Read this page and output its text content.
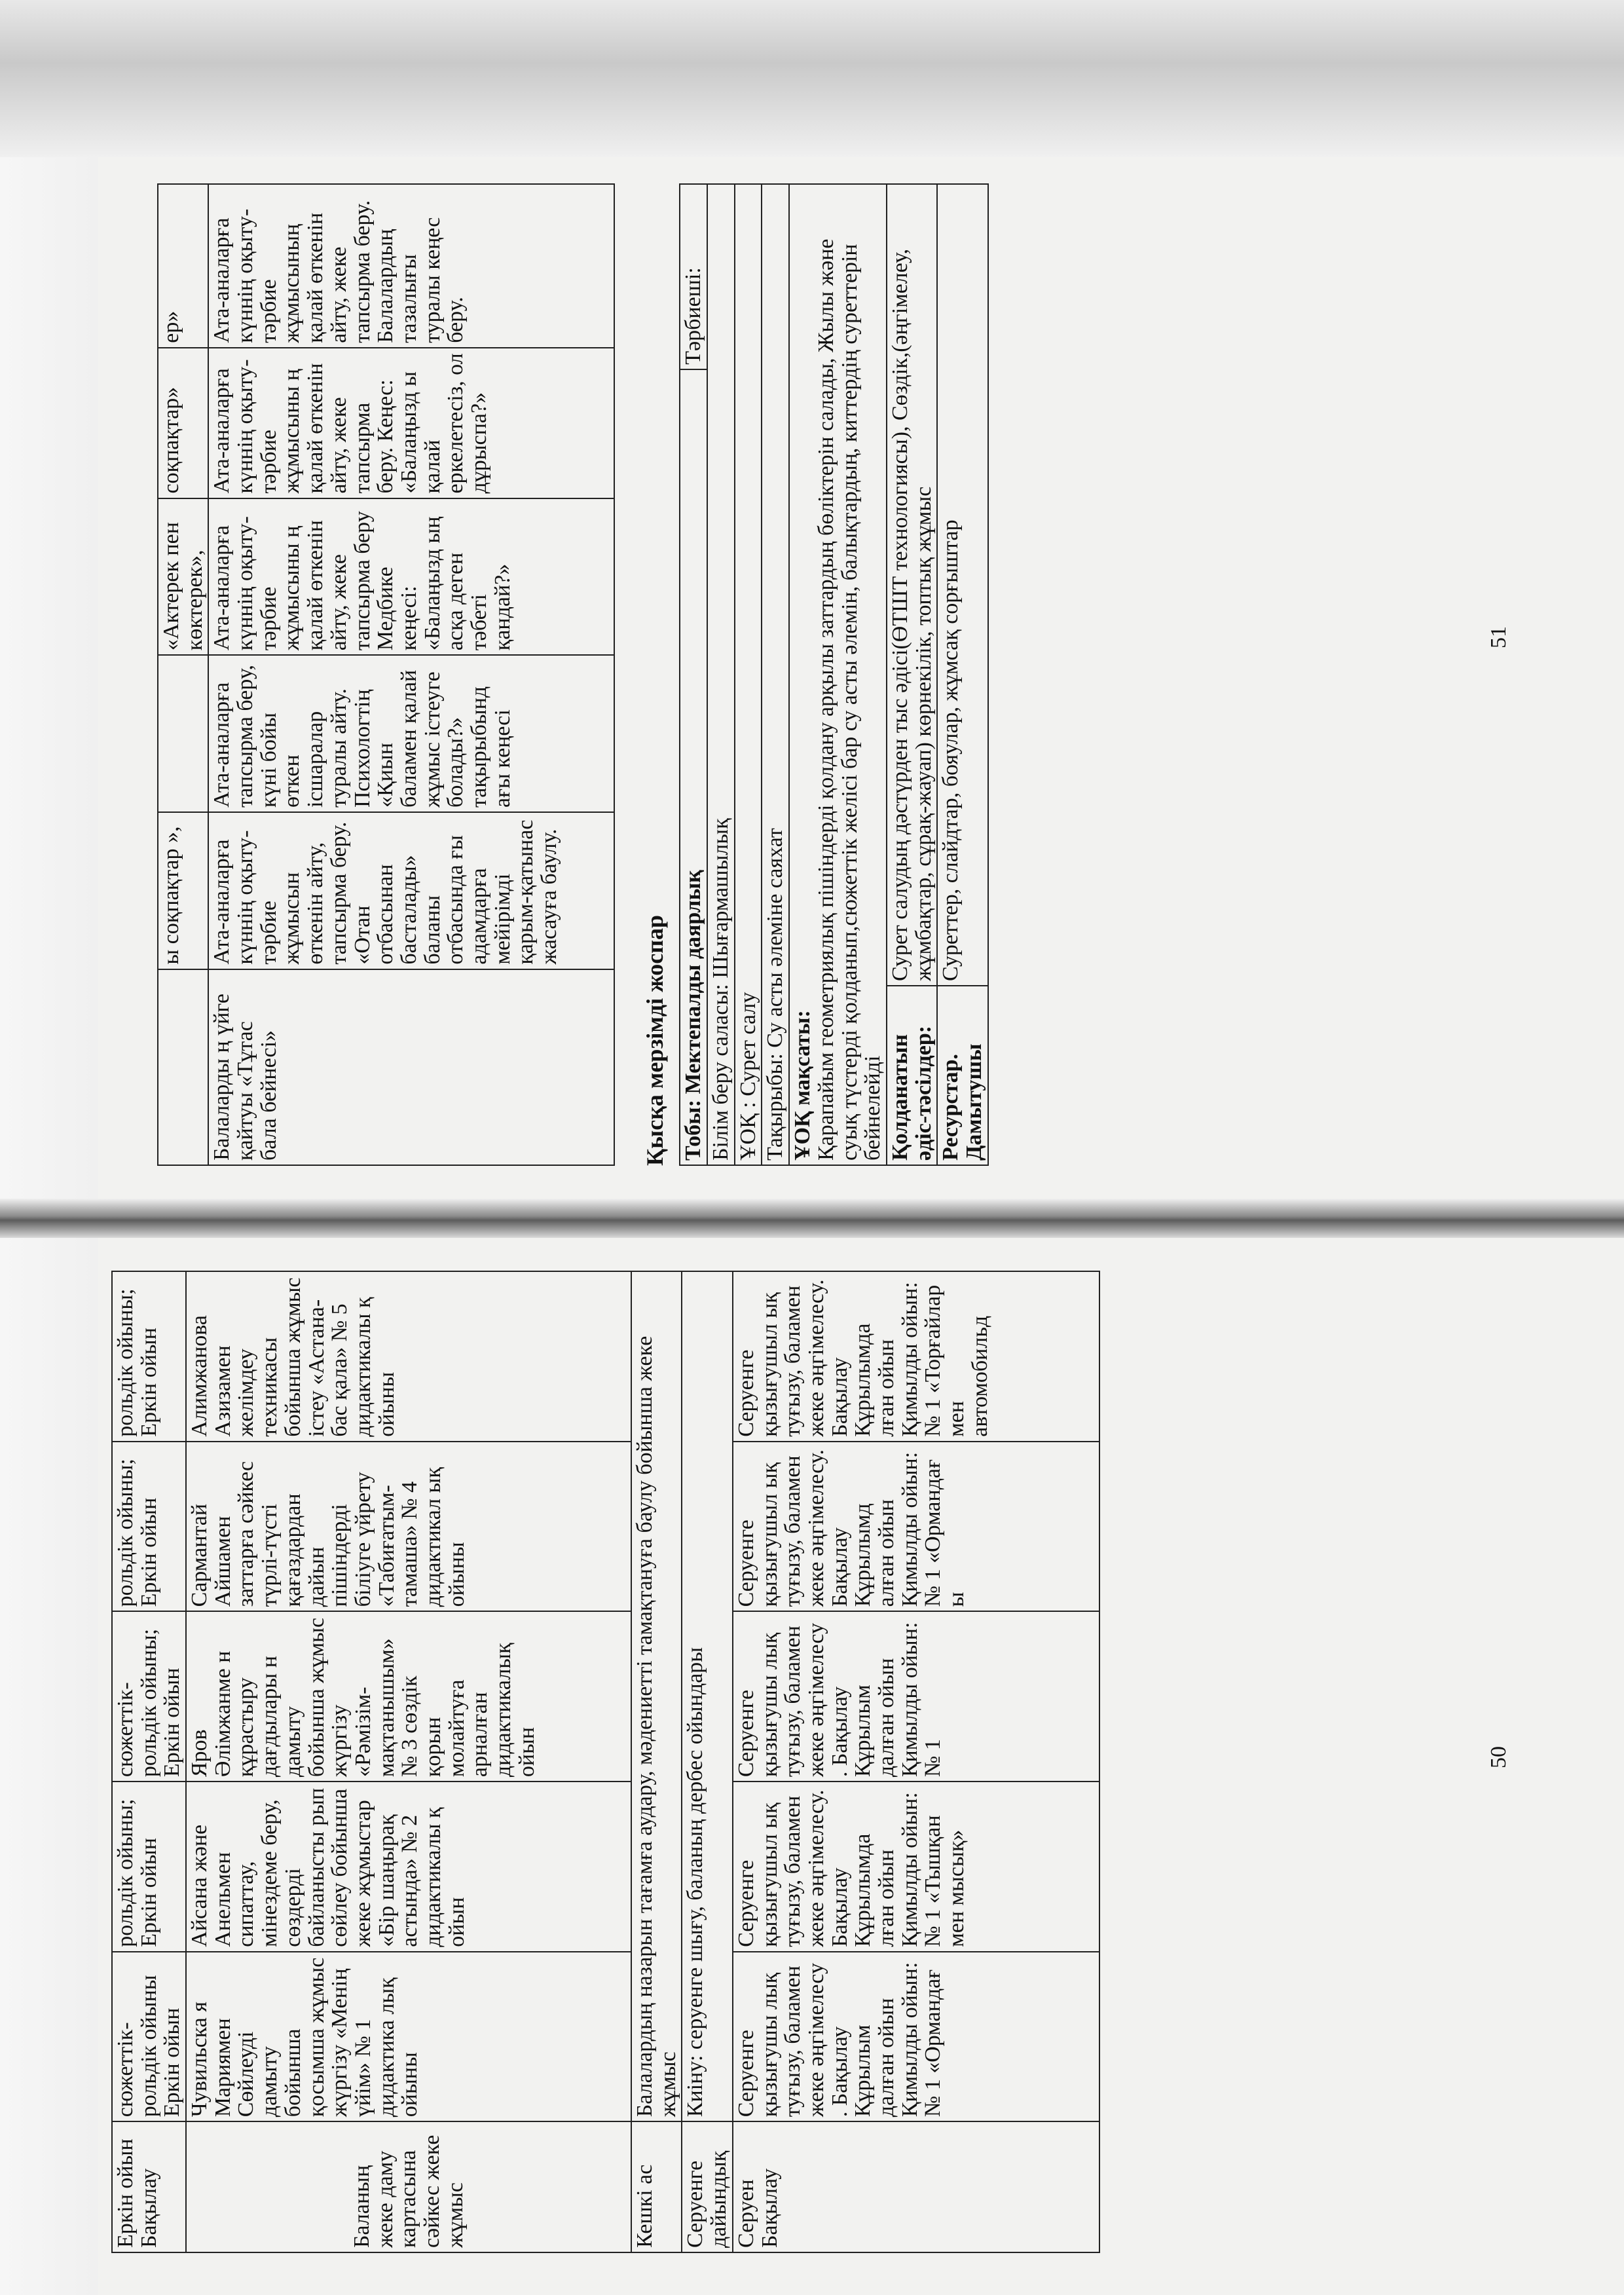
	ы соқпақтар »,		«Актерек пен көктерек»,	соқпақтар»	ер»
Балаларды ң үйге қайтуы «Тұтас бала бейнесі»	Ата-аналарға күннің оқыту-тәрбие жұмысын өткенін айту, тапсырма беру. «Отан отбасынан басталады» баланы отбасында ғы адамдарға мейірімді қарым-қатынас жасауға баулу.	Ата-аналарға тапсырма беру, күні бойы өткен ісшаралар туралы айту. Психологтің «Қиын баламен қалай жұмыс істеуге болады?» тақырыбынд ағы кеңесі	Ата-аналарға күннің оқыту-тәрбие жұмысыны ң қалай өткенін айту, жеке тапсырма беру Медбике кеңесі: «Балаңызд ың асқа деген тәбеті қандай?»	Ата-аналарға күннің оқыту-тәрбие жұмысыны ң қалай өткенін айту, жеке тапсырма беру. Кеңес: «Балаңызд ы қалай еркелетесіз, ол дұрыспа?»	Ата-аналарға күннің оқыту-тәрбие жұмысының қалай өткенін айту, жеке тапсырма беру. Балалардың тазалығы туралы кеңес беру.
Қысқа мерзімді жоспар Тобы: Мектепалды даярлық		Тәрбиеші:
Білім беру саласы: Шығармашылық		
ҰОҚ : Сурет салу		
Тақырыбы: Су асты әлеміне саяхат		

ҰОҚ мақсаты:
Қарапайым геометриялық пішіндерді қолдану арқылы заттардың бөліктерін салады, Жылы және суық түстерді қолданып,сюжеттік желісі бар су асты әлемін, балықтардың, киттердің суреттерін бейнелейді		

Қолданатын әдіс-тәсілдер:	Сурет салудың дәстүрден тыс әдісі(ӨТШТ технологиясы), Сөздік,(әңгімелеу, жұмбақтар, сұрақ-жауап) көрнекілік, топтық жұмыс	

Ресурстар.
Дамытушы	Суреттер, слайдтар, бояулар, жұмсақ сорғыштар		51
Еркін ойын Бақылау	сюжеттік-рольдік ойыны Еркін ойын	рольдік ойыны; Еркін ойын	сюжеттік-рольдік ойыны; Еркін ойын	рольдік ойыны; Еркін ойын	рольдік ойыны; Еркін ойын
Баланың жеке даму картасына сәйкес жеке жұмыс	Чувильска я Мариямен Сөйлеуді дамыту бойынша қосымша жұмыс жүргізу «Менің үйім» № 1 дидактика лық ойыны	Айсана және Анельмен сипаттау, мінездеме беру, сөздерді байланысты рып сөйлеу бойынша жеке жұмыстар «Бір шаңырақ астында» № 2 дидактикалы қ ойын	Яров Әлімжанме н құрастыру дағдылары н дамыту бойынша жұмыс жүргізу «Рәмізім-мақтанышым» № 3 сөздік қорын молайтуға арналған дидактикалық ойын	Сармантай Айшамен заттарға сәйкес түрлі-түсті қағаздардан дайын пішіндерді біліуге үйрету «Табиғатым-тамаша» № 4 дидактикал ық ойыны	Алимжанова Азизамен желімдеу техникасы бойынша жұмыс істеу «Астана-бас қала» № 5 дидактикалы қ ойыны
Кешкі ас	Балалардың назарын тағамға аудару, мәдениетті тамақтануға баулу бойынша жеке жұмыс				
Серуенге дайындық	Киіну: серуенге шығу, баланың дербес ойындары				
Серуен Бақылау	Серуенге қызығушы лық туғызу, баламен жеке әңгімелесу . Бақылау Құрылым далған ойын Қимылды ойын: № 1 «Ормандағ	Серуенге қызығушыл ық туғызу, баламен жеке әңгімелесу. Бақылау Құрылымда лған ойын Қимылды ойын: № 1 «Тышқан мен мысық»	Серуенге қызығушы лық туғызу, баламен жеке әңгімелесу . Бақылау Құрылым далған ойын Қимылды ойын: № 1	Серуенге қызығушыл ық туғызу, баламен жеке әңгімелесу. Бақылау Құрылымд алған ойын Қимылды ойын: № 1 «Ормандағ ы	Серуенге қызығушыл ық туғызу, баламен жеке әңгімелесу. Бақылау Құрылымда лған ойын Қимылды ойын: № 1 «Торғайлар мен автомобильд
50
